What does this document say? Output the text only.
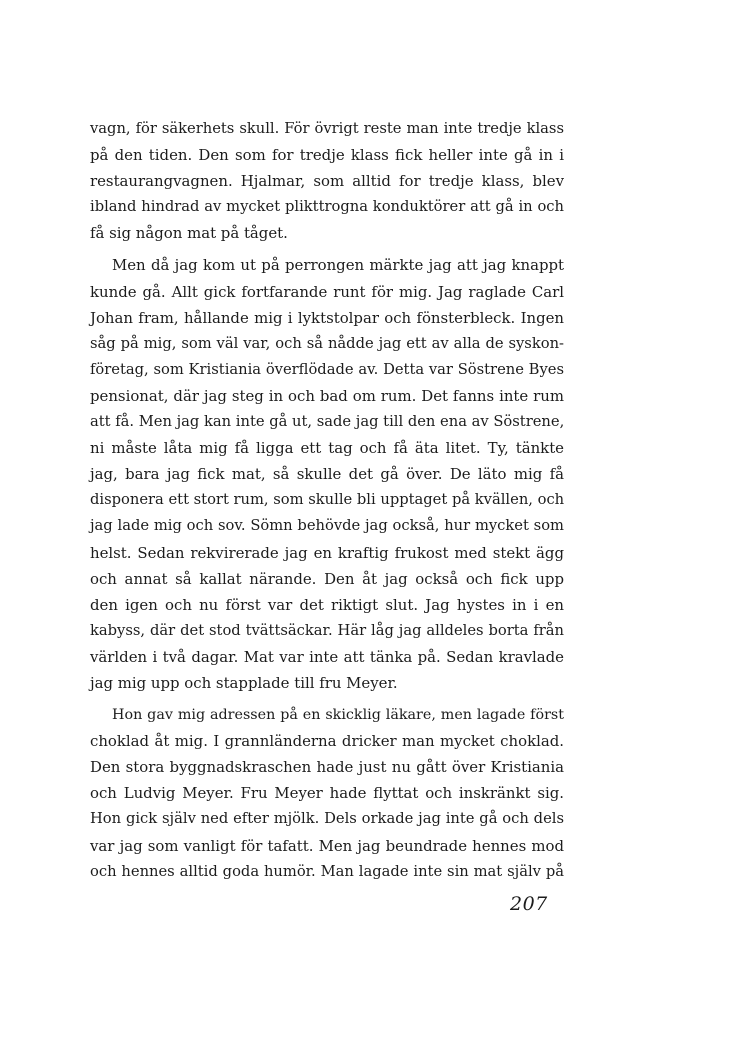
vagn, för säkerhets skull. För övrigt reste man inte tredje klass
på den tiden. Den som for tredje klass fick heller inte gå in i
restaurangvagnen. Hjalmar, som alltid for tredje klass, blev
ibland hindrad av mycket plikttrogna konduktörer att gå in och
få sig någon mat på tåget.
Men då jag kom ut på perrongen märkte jag att jag knappt
kunde gå. Allt gick fortfarande runt för mig. Jag raglade Carl
Johan fram, hållande mig i lyktstolpar och fönsterbleck. Ingen
såg på mig, som väl var, och så nådde jag ett av alla de syskon-
företag, som Kristiania överflödade av. Detta var Söstrene Byes
pensionat, där jag steg in och bad om rum. Det fanns inte rum
att få. Men jag kan inte gå ut, sade jag till den ena av Söstrene,
ni måste låta mig få ligga ett tag och få äta litet. Ty, tänkte
jag, bara jag fick mat, så skulle det gå över. De läto mig få
disponera ett stort rum, som skulle bli upptaget på kvällen, och
jag lade mig och sov. Sömn behövde jag också, hur mycket som
helst. Sedan rekvirerade jag en kraftig frukost med stekt ägg
och annat så kallat närande. Den åt jag också och fick upp
den igen och nu först var det riktigt slut. Jag hystes in i en
kabyss, där det stod tvättsäckar. Här låg jag alldeles borta från
världen i två dagar. Mat var inte att tänka på. Sedan kravlade
jag mig upp och stapplade till fru Meyer.
Hon gav mig adressen på en skicklig läkare, men lagade först
choklad åt mig. I grannländerna dricker man mycket choklad.
Den stora byggnadskraschen hade just nu gått över Kristiania
och Ludvig Meyer. Fru Meyer hade flyttat och inskränkt sig.
Hon gick själv ned efter mjölk. Dels orkade jag inte gå och dels
var jag som vanligt för tafatt. Men jag beundrade hennes mod
och hennes alltid goda humör. Man lagade inte sin mat själv på
207
